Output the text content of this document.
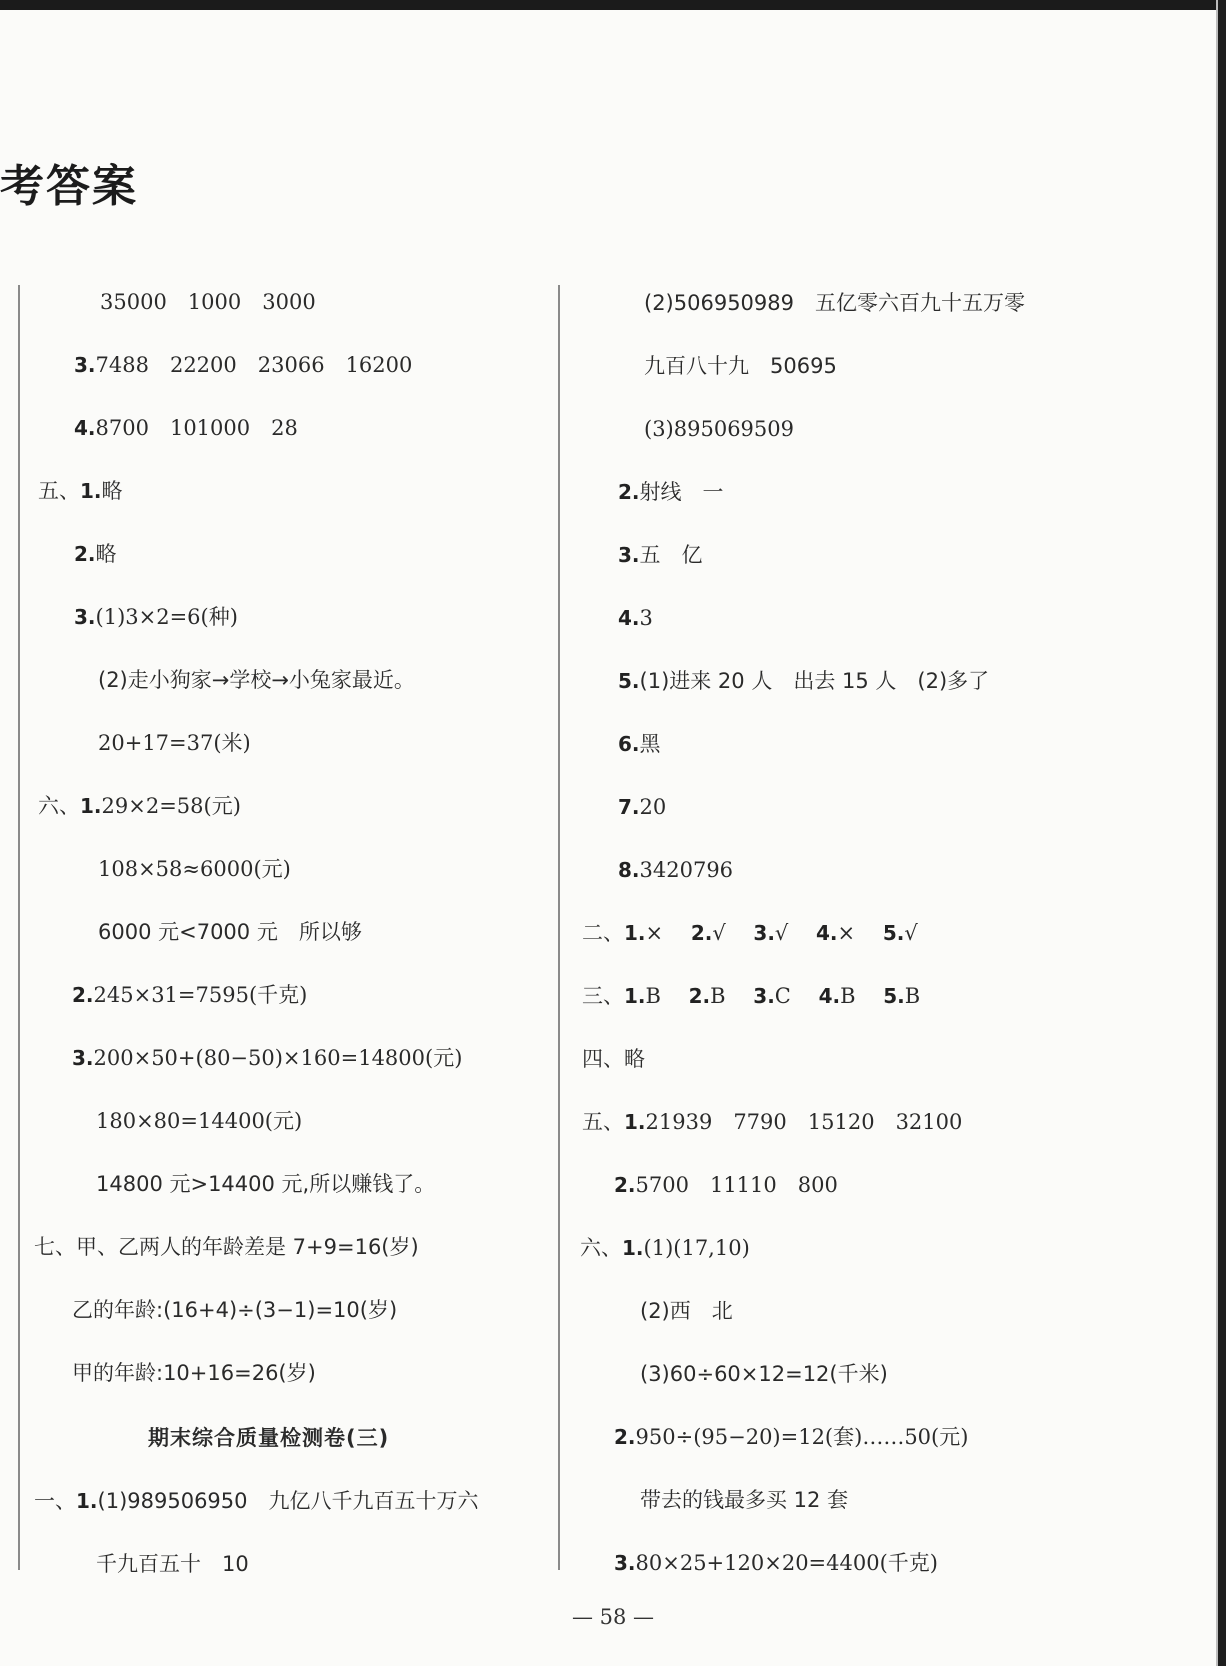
考答案
35000　1000　3000
3.7488　22200　23066　16200
4.8700　101000　28
五、1.略
2.略
3.(1)3×2=6(种)
(2)走小狗家→学校→小兔家最近。
20+17=37(米)
六、1.29×2=58(元)
108×58≈6000(元)
6000 元<7000 元　所以够
2.245×31=7595(千克)
3.200×50+(80−50)×160=14800(元)
180×80=14400(元)
14800 元>14400 元,所以赚钱了。
七、甲、乙两人的年龄差是 7+9=16(岁)
乙的年龄:(16+4)÷(3−1)=10(岁)
甲的年龄:10+16=26(岁)
期末综合质量检测卷(三)
一、1.(1)989506950　九亿八千九百五十万六
千九百五十　10
(2)506950989　五亿零六百九十五万零
九百八十九　50695
(3)895069509
2.射线　一
3.五　亿
4.3
5.(1)进来 20 人　出去 15 人　(2)多了
6.黑
7.20
8.3420796
二、1.×　 2.√　 3.√　 4.×　 5.√
三、1.B　 2.B　 3.C　 4.B　 5.B
四、略
五、1.21939　7790　15120　32100
2.5700　11110　800
六、1.(1)(17,10)
(2)西　北
(3)60÷60×12=12(千米)
2.950÷(95−20)=12(套)……50(元)
带去的钱最多买 12 套
3.80×25+120×20=4400(千克)
— 58 —
